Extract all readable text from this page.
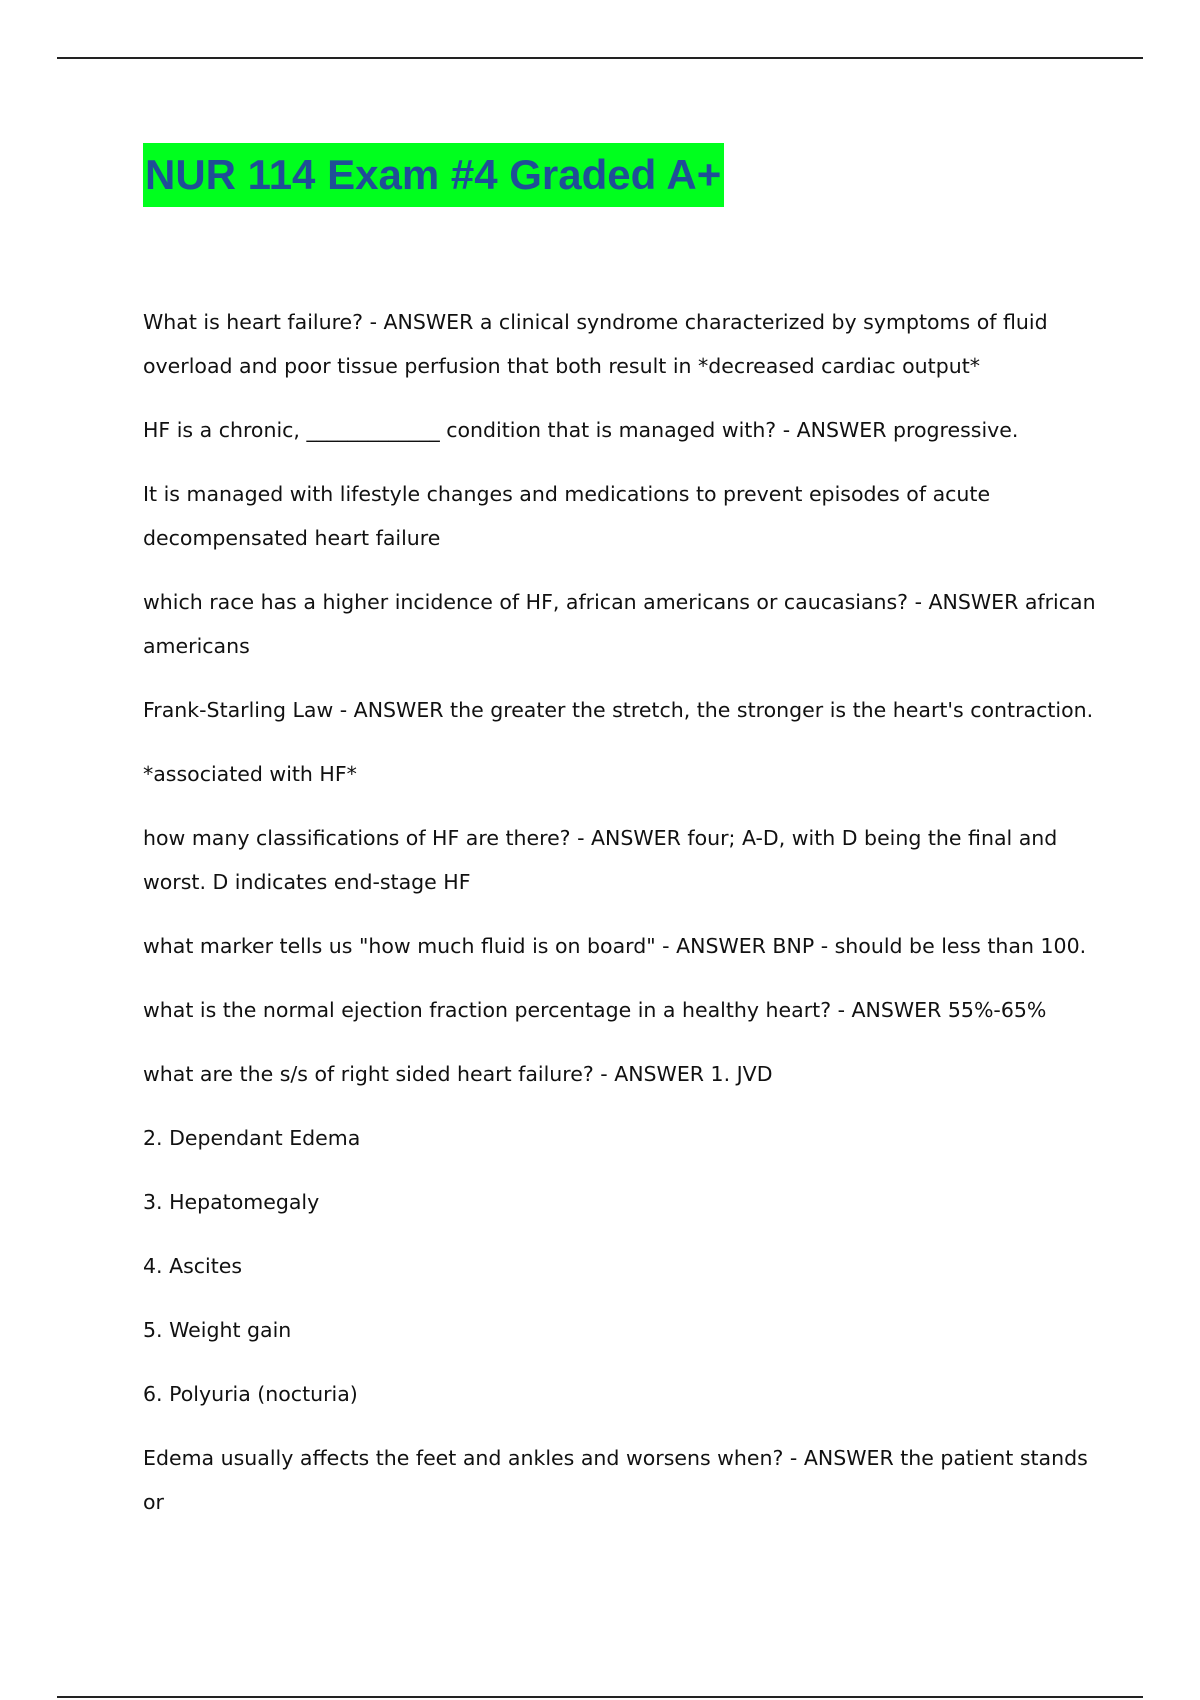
NUR 114 Exam #4 Graded A+

What is heart failure? - ANSWER a clinical syndrome characterized by symptoms of fluid overload and poor tissue perfusion that both result in *decreased cardiac output*

HF is a chronic, _____________ condition that is managed with? - ANSWER progressive.

It is managed with lifestyle changes and medications to prevent episodes of acute decompensated heart failure

which race has a higher incidence of HF, african americans or caucasians? - ANSWER african americans

Frank-Starling Law - ANSWER the greater the stretch, the stronger is the heart's contraction.

*associated with HF*

how many classifications of HF are there? - ANSWER four; A-D, with D being the final and worst. D indicates end-stage HF

what marker tells us "how much fluid is on board" - ANSWER BNP - should be less than 100.

what is the normal ejection fraction percentage in a healthy heart? - ANSWER 55%-65%

what are the s/s of right sided heart failure? - ANSWER 1. JVD

2. Dependant Edema

3. Hepatomegaly

4. Ascites

5. Weight gain

6. Polyuria (nocturia)

Edema usually affects the feet and ankles and worsens when? - ANSWER the patient stands or
